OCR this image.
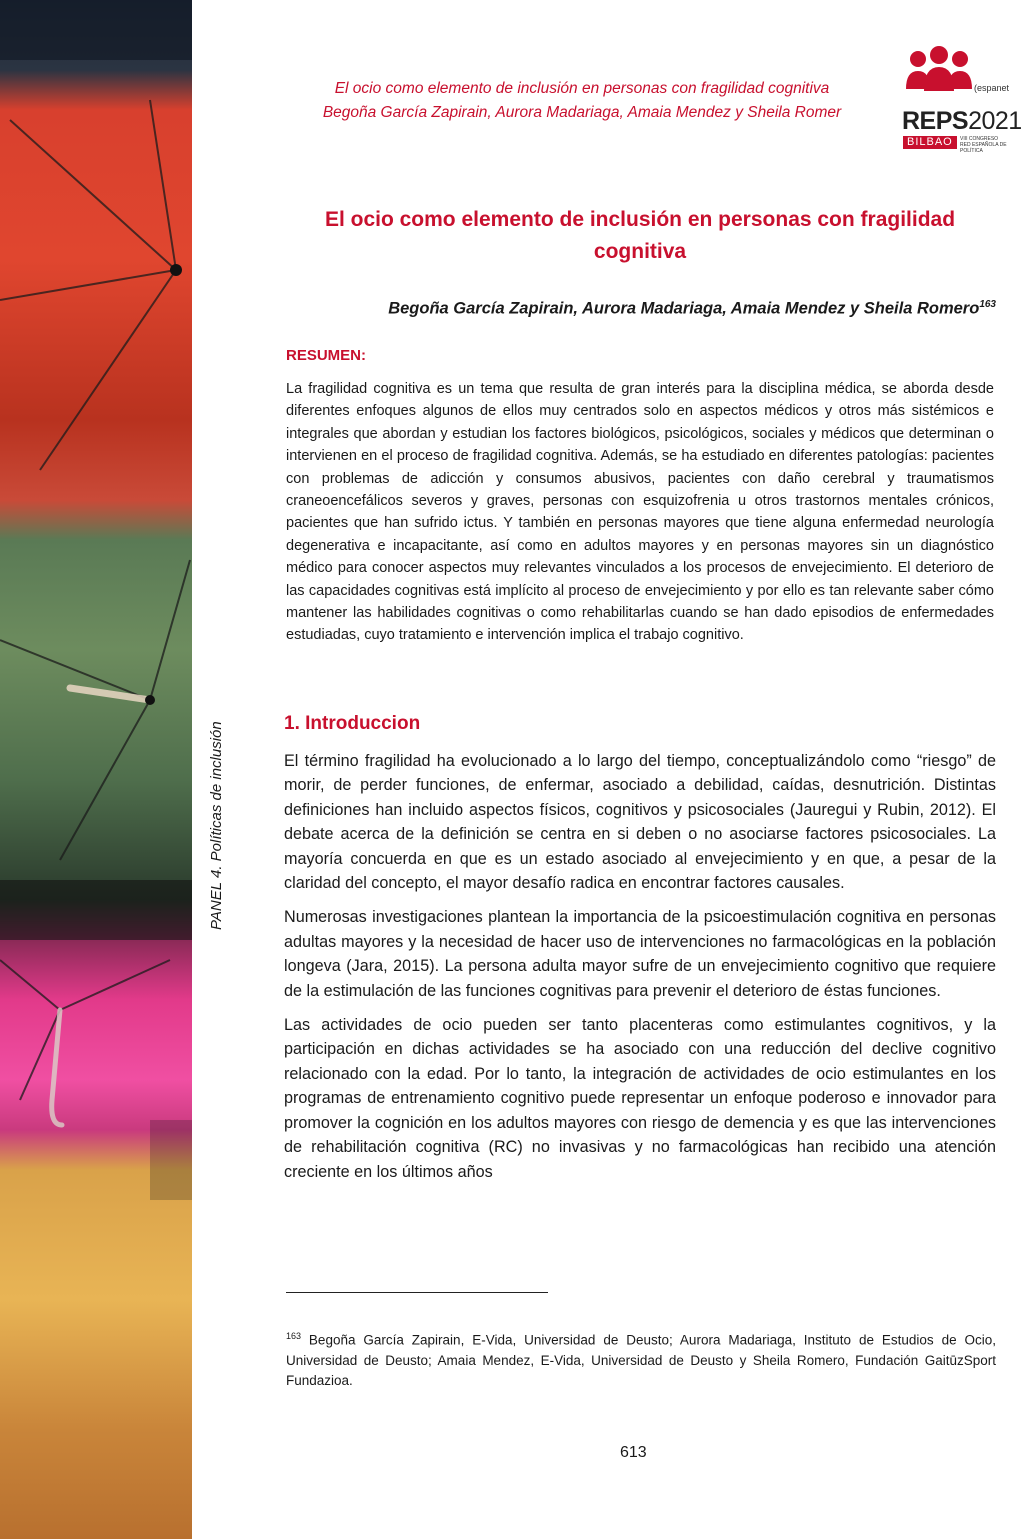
PANEL 4. Políticas de inclusión
El ocio como elemento de inclusión en personas con fragilidad cognitiva
Begoña García Zapirain, Aurora Madariaga, Amaia Mendez y Sheila Romer
(espanet
REPS2021
BILBAO	VIII CONGRESO RED ESPAÑOLA DE POLÍTICA
El ocio como elemento de inclusión en personas con fragilidad cognitiva
Begoña García Zapirain, Aurora Madariaga, Amaia Mendez y Sheila Romero$^{163}$
RESUMEN:
La fragilidad cognitiva es un tema que resulta de gran interés para la disciplina médica, se aborda desde diferentes enfoques algunos de ellos muy centrados solo en aspectos médicos y otros más sistémicos e integrales que abordan y estudian los factores biológicos, psicológicos, sociales y médicos que determinan o intervienen en el proceso de fragilidad cognitiva. Además, se ha estudiado en diferentes patologías: pacientes con problemas de adicción y consumos abusivos, pacientes con daño cerebral y traumatismos craneoencefálicos severos y graves, personas con esquizofrenia u otros trastornos mentales crónicos, pacientes que han sufrido ictus. Y también en personas mayores que tiene alguna enfermedad neurología degenerativa e incapacitante, así como en adultos mayores y en personas mayores sin un diagnóstico médico para conocer aspectos muy relevantes vinculados a los procesos de envejecimiento. El deterioro de las capacidades cognitivas está implícito al proceso de envejecimiento y por ello es tan relevante saber cómo mantener las habilidades cognitivas o como rehabilitarlas cuando se han dado episodios de enfermedades estudiadas, cuyo tratamiento e intervención implica el trabajo cognitivo.
1. Introduccion

El término fragilidad ha evolucionado a lo largo del tiempo, conceptualizándolo como “riesgo” de morir, de perder funciones, de enfermar, asociado a debilidad, caídas, desnutrición. Distintas definiciones han incluido aspectos físicos, cognitivos y psicosociales (Jauregui y Rubin, 2012). El debate acerca de la definición se centra en si deben o no asociarse factores psicosociales. La mayoría concuerda en que es un estado asociado al envejecimiento y en que, a pesar de la claridad del concepto, el mayor desafío radica en encontrar factores causales.

Numerosas investigaciones plantean la importancia de la psicoestimulación cognitiva en personas adultas mayores y la necesidad de hacer uso de intervenciones no farmacológicas en la población longeva (Jara, 2015). La persona adulta mayor sufre de un envejecimiento cognitivo que requiere de la estimulación de las funciones cognitivas para prevenir el deterioro de éstas funciones.

Las actividades de ocio pueden ser tanto placenteras como estimulantes cognitivos, y la participación en dichas actividades se ha asociado con una reducción del declive cognitivo relacionado con la edad. Por lo tanto, la integración de actividades de ocio estimulantes en los programas de entrenamiento cognitivo puede representar un enfoque poderoso e innovador para promover la cognición en los adultos mayores con riesgo de demencia y es que las intervenciones de rehabilitación cognitiva (RC) no invasivas y no farmacológicas han recibido una atención creciente en los últimos años

$^{163}$ Begoña García Zapirain, E-Vida, Universidad de Deusto; Aurora Madariaga, Instituto de Estudios de Ocio, Universidad de Deusto; Amaia Mendez, E-Vida, Universidad de Deusto y Sheila Romero, Fundación GaitūzSport Fundazioa.
613
